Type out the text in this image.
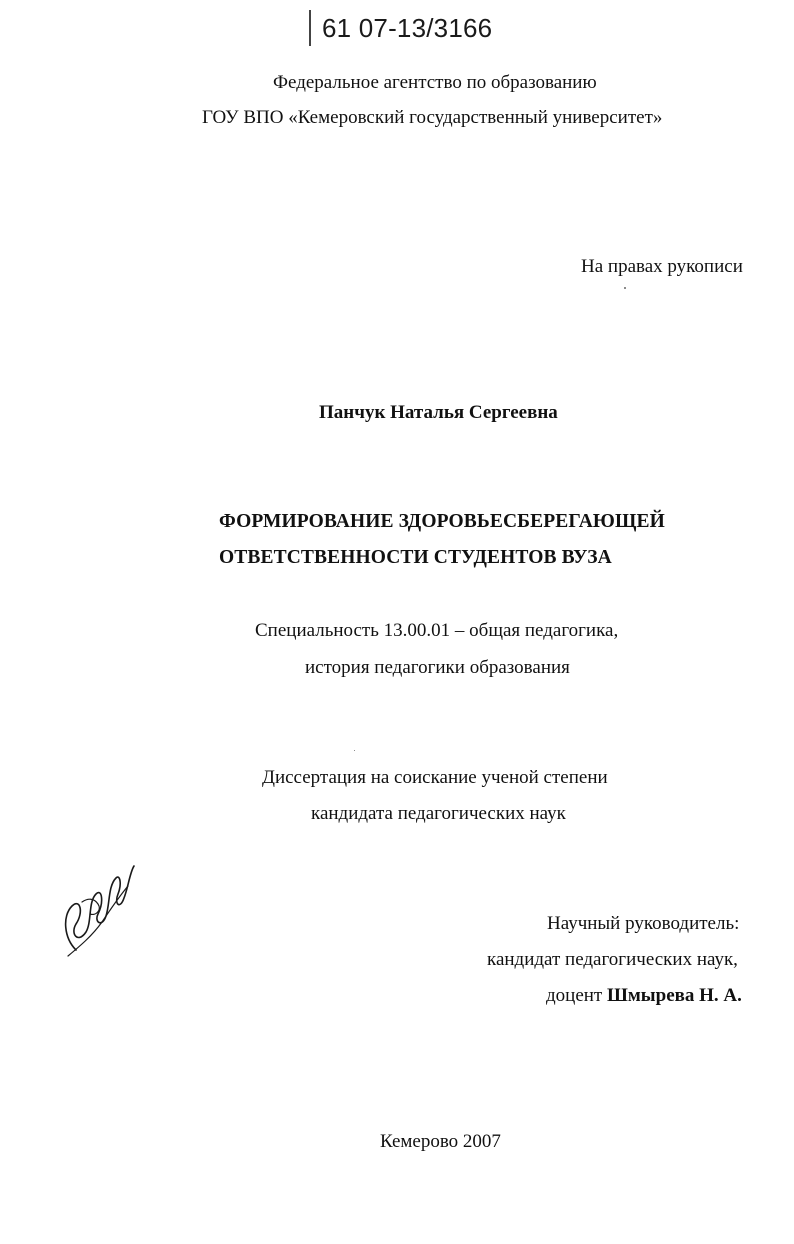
61 07-13/3166
Федеральное агентство по образованию
ГОУ ВПО «Кемеровский государственный университет»
На правах рукописи
Панчук Наталья Сергеевна
ФОРМИРОВАНИЕ ЗДОРОВЬЕСБЕРЕГАЮЩЕЙ
ОТВЕТСТВЕННОСТИ СТУДЕНТОВ ВУЗА
Специальность 13.00.01 – общая педагогика,
история педагогики образования
Диссертация на соискание ученой степени
кандидата педагогических наук
Научный руководитель:
кандидат педагогических наук,
доцент Шмырева Н. А.
Кемерово 2007
